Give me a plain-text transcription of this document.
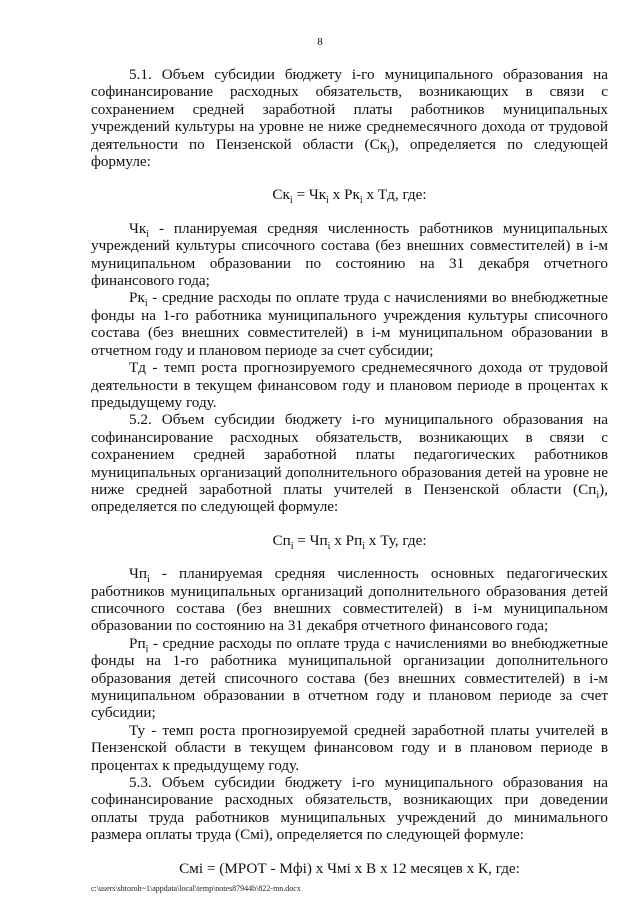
8

5.1. Объем субсидии бюджету i-го муниципального образования на софинансирование расходных обязательств, возникающих в связи с сохранением средней заработной платы работников муниципальных учреждений культуры на уровне не ниже среднемесячного дохода от трудовой деятельности по Пензенской области $(Ск_i)$, определяется по следующей формуле:

$Ск_i = Чк_i$ x $Рк_i$ x Тд, где:

$Чк_i$ - планируемая средняя численность работников муниципальных учреждений культуры списочного состава (без внешних совместителей) в i-м муниципальном образовании по состоянию на 31 декабря отчетного финансового года;

$Рк_i$ - средние расходы по оплате труда с начислениями во внебюджетные фонды на 1-го работника муниципального учреждения культуры списочного состава (без внешних совместителей) в i-м муниципальном образовании в отчетном году и плановом периоде за счет субсидии;

Тд - темп роста прогнозируемого среднемесячного дохода от трудовой деятельности в текущем финансовом году и плановом периоде в процентах к предыдущему году.

5.2. Объем субсидии бюджету i-го муниципального образования на софинансирование расходных обязательств, возникающих в связи с сохранением средней заработной платы педагогических работников муниципальных организаций дополнительного образования детей на уровне не ниже средней заработной платы учителей в Пензенской области $(Сп_i)$, определяется по следующей формуле:

$Сп_i = Чп_i$ x $Рп_i$ x Ту, где:

$Чп_i$ - планируемая средняя численность основных педагогических работников муниципальных организаций дополнительного образования детей списочного состава (без внешних совместителей) в i-м муниципальном образовании по состоянию на 31 декабря отчетного финансового года;

$Рп_i$ - средние расходы по оплате труда с начислениями во внебюджетные фонды на 1-го работника муниципальной организации дополнительного образования детей списочного состава (без внешних совместителей) в i-м муниципальном образовании в отчетном году и плановом периоде за счет субсидии;

Ту - темп роста прогнозируемой средней заработной платы учителей в Пензенской области в текущем финансовом году и в плановом периоде в процентах к предыдущему году.

5.3. Объем субсидии бюджету i-го муниципального образования на софинансирование расходных обязательств, возникающих при доведении оплаты труда работников муниципальных учреждений до минимального размера оплаты труда (Смi), определяется по следующей формуле:

Смi = (МРОТ - Мфi) x Чмi x В x 12 месяцев x К, где:

c:\users\shtoroh~1\appdata\local\temp\notes87944b\822-mn.docx
